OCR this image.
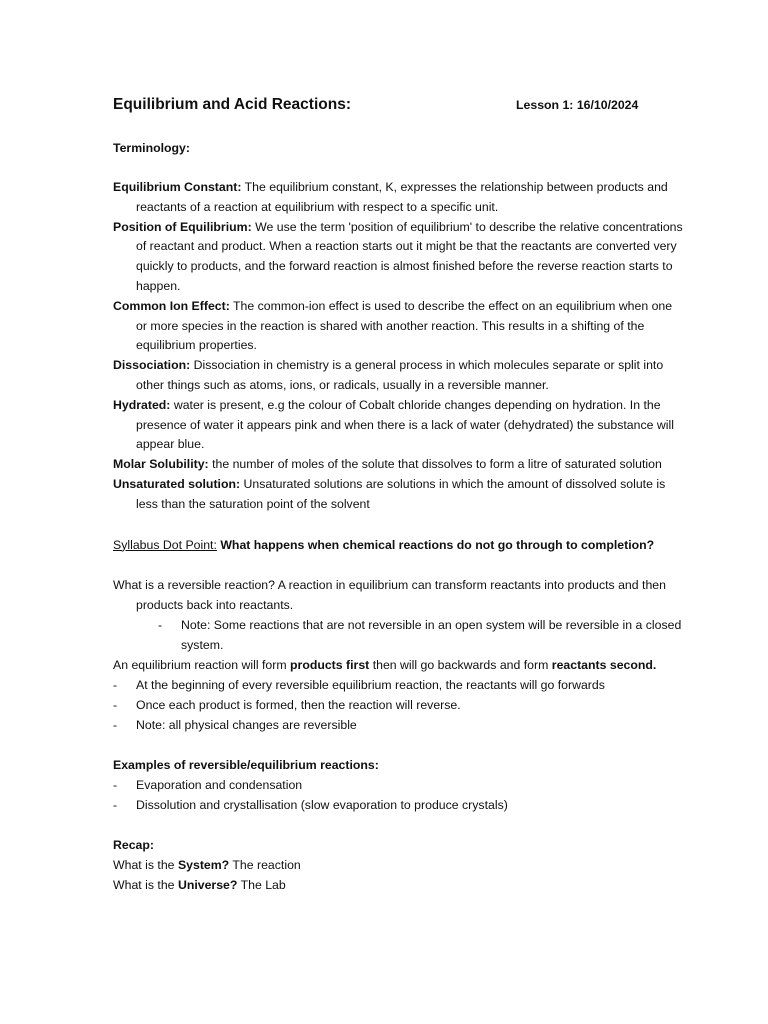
Equilibrium and Acid Reactions:	Lesson 1: 16/10/2024

Terminology:

Equilibrium Constant: The equilibrium constant, K, expresses the relationship between products and reactants of a reaction at equilibrium with respect to a specific unit.

Position of Equilibrium: We use the term 'position of equilibrium' to describe the relative concentrations of reactant and product. When a reaction starts out it might be that the reactants are converted very quickly to products, and the forward reaction is almost finished before the reverse reaction starts to happen.

Common Ion Effect: The common-ion effect is used to describe the effect on an equilibrium when one or more species in the reaction is shared with another reaction. This results in a shifting of the equilibrium properties.

Dissociation: Dissociation in chemistry is a general process in which molecules separate or split into other things such as atoms, ions, or radicals, usually in a reversible manner.

Hydrated: water is present, e.g the colour of Cobalt chloride changes depending on hydration. In the presence of water it appears pink and when there is a lack of water (dehydrated) the substance will appear blue.

Molar Solubility: the number of moles of the solute that dissolves to form a litre of saturated solution

Unsaturated solution: Unsaturated solutions are solutions in which the amount of dissolved solute is less than the saturation point of the solvent

Syllabus Dot Point: What happens when chemical reactions do not go through to completion?

What is a reversible reaction? A reaction in equilibrium can transform reactants into products and then products back into reactants.

-	Note: Some reactions that are not reversible in an open system will be reversible in a closed system.

An equilibrium reaction will form products first then will go backwards and form reactants second.

-	At the beginning of every reversible equilibrium reaction, the reactants will go forwards
-	Once each product is formed, then the reaction will reverse.
-	Note: all physical changes are reversible

Examples of reversible/equilibrium reactions:

-	Evaporation and condensation
-	Dissolution and crystallisation (slow evaporation to produce crystals)

Recap:

What is the System? The reaction

What is the Universe? The Lab
